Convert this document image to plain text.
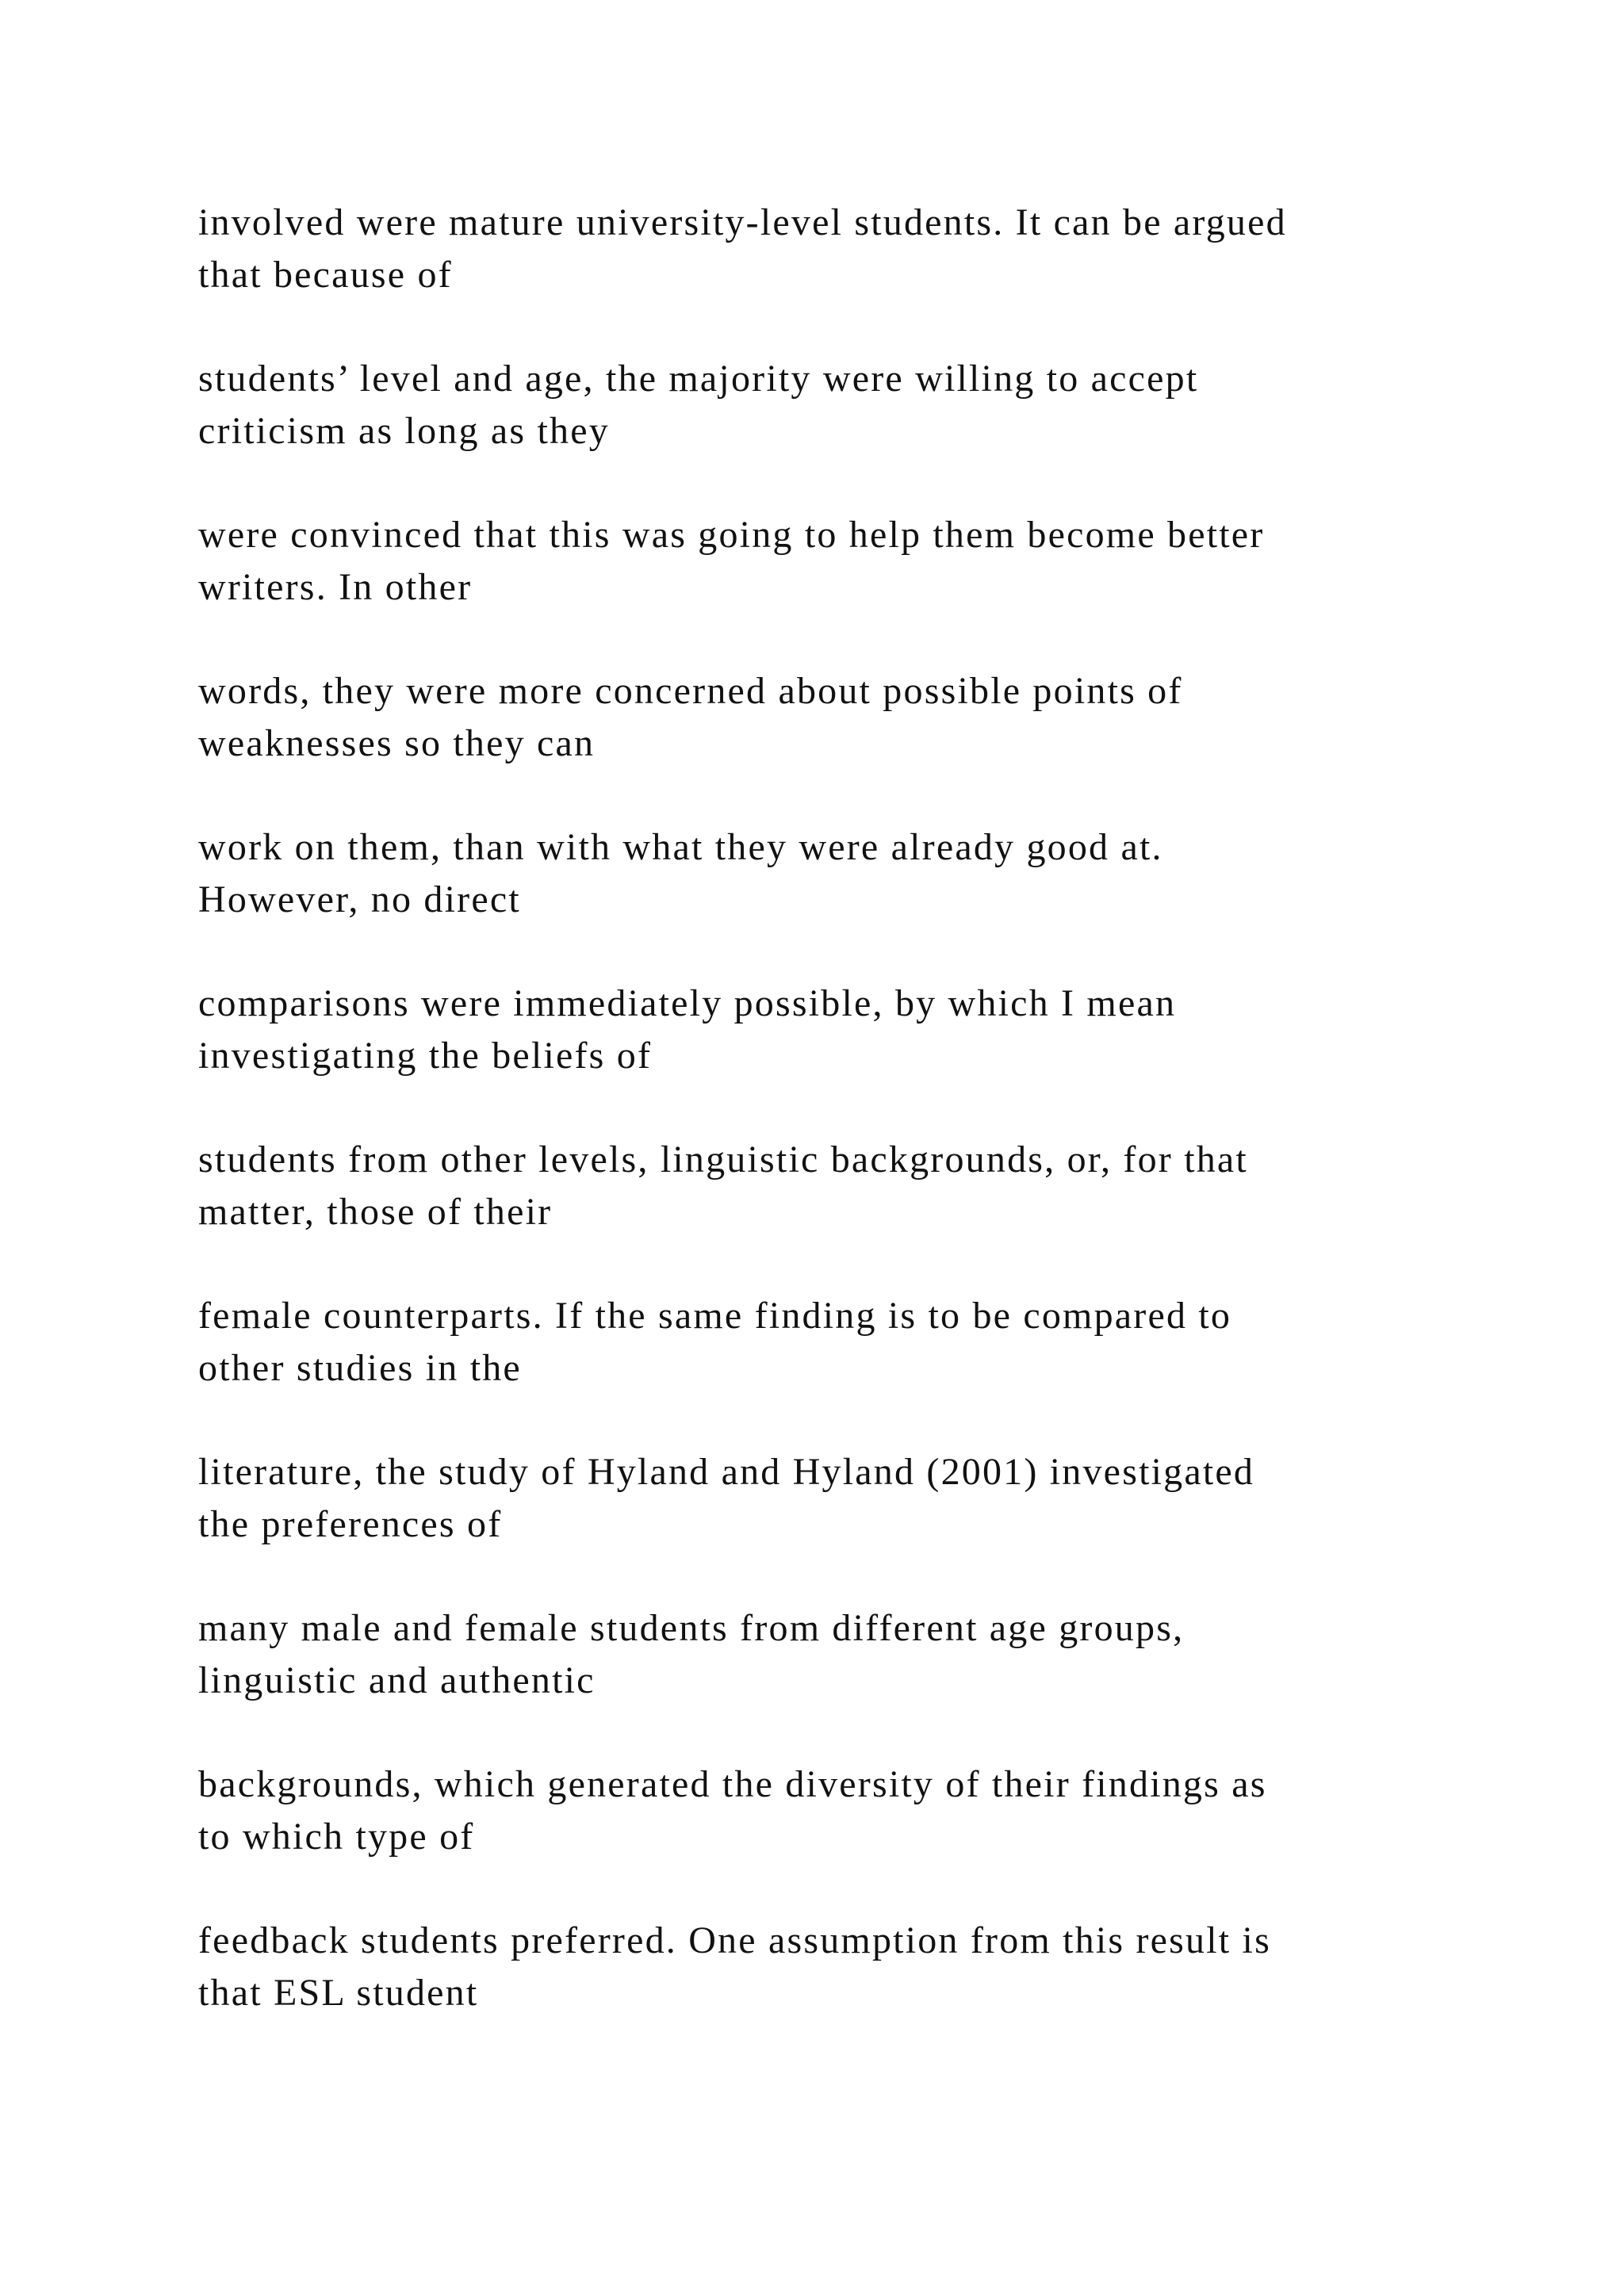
involved were mature university-level students. It can be argued
that because of

students’ level and age, the majority were willing to accept
criticism as long as they

were convinced that this was going to help them become better
writers. In other

words, they were more concerned about possible points of
weaknesses so they can

work on them, than with what they were already good at.
However, no direct

comparisons were immediately possible, by which I mean
investigating the beliefs of

students from other levels, linguistic backgrounds, or, for that
matter, those of their

female counterparts. If the same finding is to be compared to
other studies in the

literature, the study of Hyland and Hyland (2001) investigated
the preferences of

many male and female students from different age groups,
linguistic and authentic

backgrounds, which generated the diversity of their findings as
to which type of

feedback students preferred. One assumption from this result is
that ESL student
